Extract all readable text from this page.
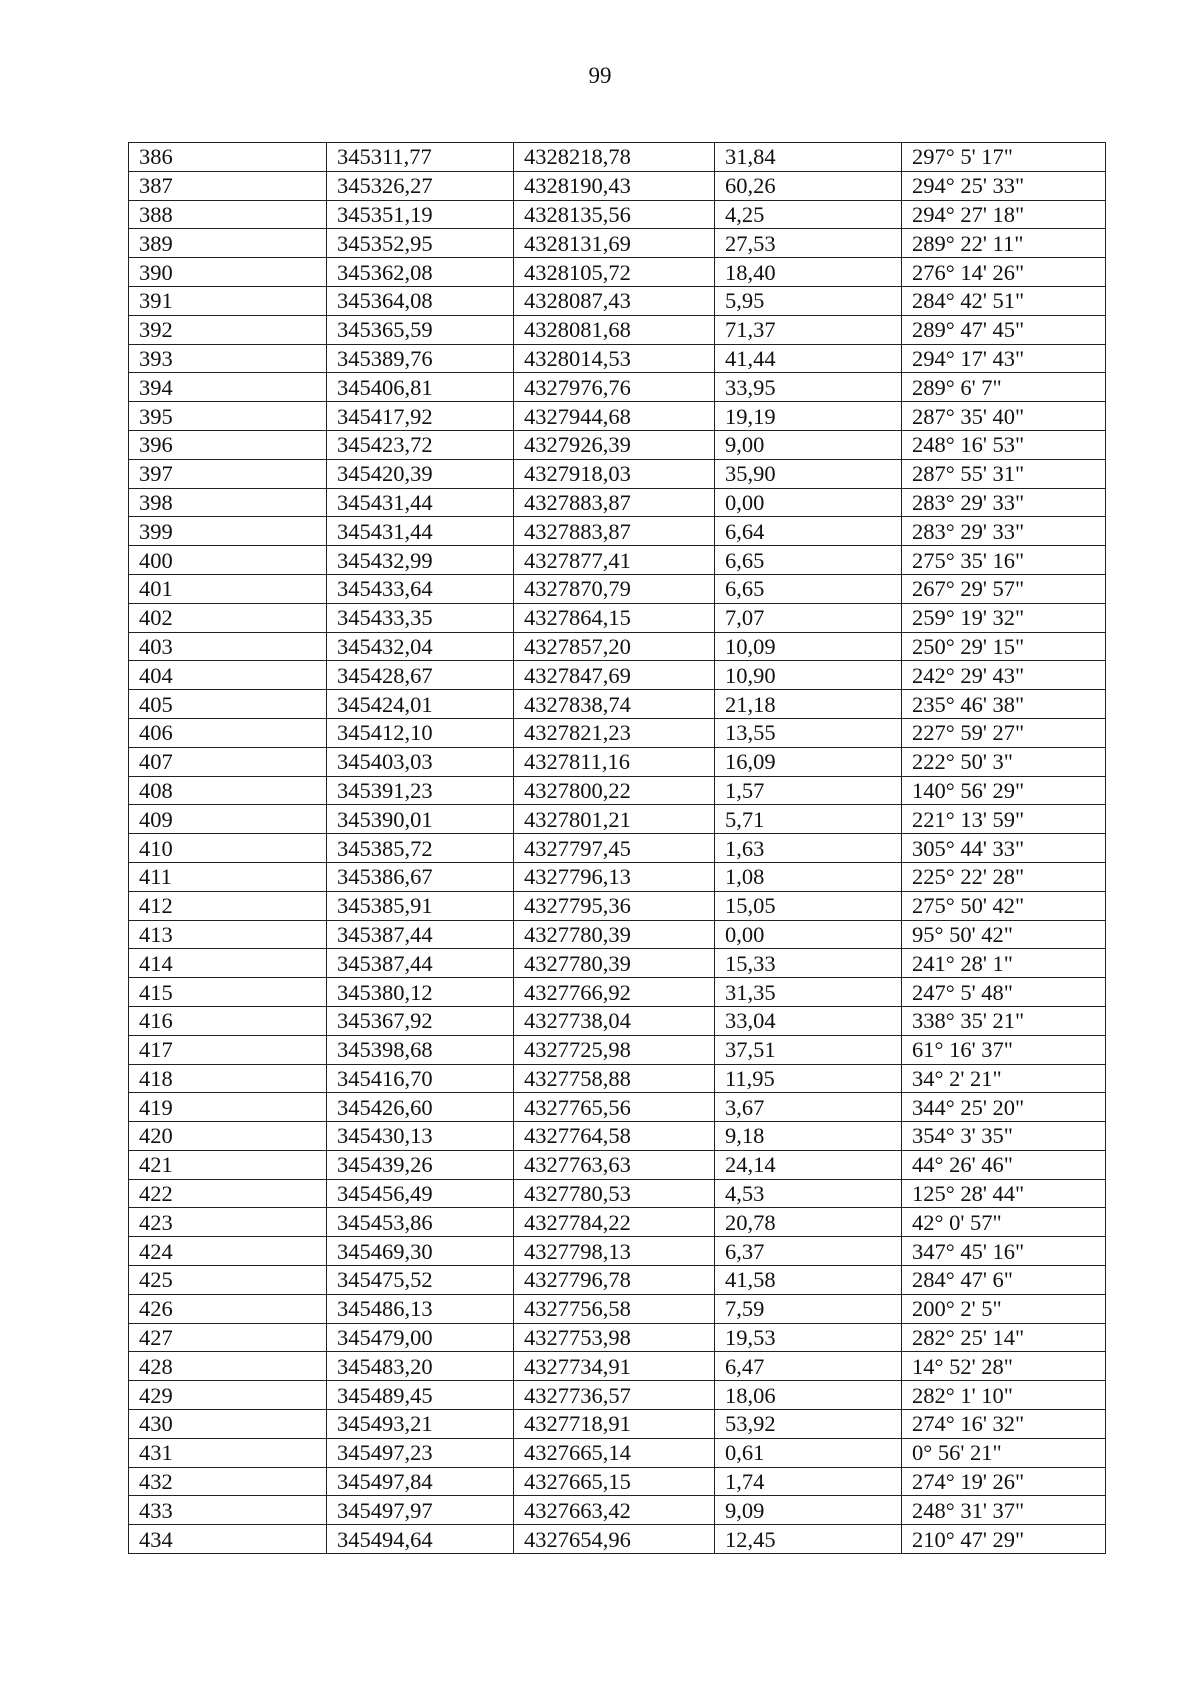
99
386	345311,77	4328218,78	31,84	297° 5' 17"
387	345326,27	4328190,43	60,26	294° 25' 33"
388	345351,19	4328135,56	4,25	294° 27' 18"
389	345352,95	4328131,69	27,53	289° 22' 11"
390	345362,08	4328105,72	18,40	276° 14' 26"
391	345364,08	4328087,43	5,95	284° 42' 51"
392	345365,59	4328081,68	71,37	289° 47' 45"
393	345389,76	4328014,53	41,44	294° 17' 43"
394	345406,81	4327976,76	33,95	289° 6' 7"
395	345417,92	4327944,68	19,19	287° 35' 40"
396	345423,72	4327926,39	9,00	248° 16' 53"
397	345420,39	4327918,03	35,90	287° 55' 31"
398	345431,44	4327883,87	0,00	283° 29' 33"
399	345431,44	4327883,87	6,64	283° 29' 33"
400	345432,99	4327877,41	6,65	275° 35' 16"
401	345433,64	4327870,79	6,65	267° 29' 57"
402	345433,35	4327864,15	7,07	259° 19' 32"
403	345432,04	4327857,20	10,09	250° 29' 15"
404	345428,67	4327847,69	10,90	242° 29' 43"
405	345424,01	4327838,74	21,18	235° 46' 38"
406	345412,10	4327821,23	13,55	227° 59' 27"
407	345403,03	4327811,16	16,09	222° 50' 3"
408	345391,23	4327800,22	1,57	140° 56' 29"
409	345390,01	4327801,21	5,71	221° 13' 59"
410	345385,72	4327797,45	1,63	305° 44' 33"
411	345386,67	4327796,13	1,08	225° 22' 28"
412	345385,91	4327795,36	15,05	275° 50' 42"
413	345387,44	4327780,39	0,00	95° 50' 42"
414	345387,44	4327780,39	15,33	241° 28' 1"
415	345380,12	4327766,92	31,35	247° 5' 48"
416	345367,92	4327738,04	33,04	338° 35' 21"
417	345398,68	4327725,98	37,51	61° 16' 37"
418	345416,70	4327758,88	11,95	34° 2' 21"
419	345426,60	4327765,56	3,67	344° 25' 20"
420	345430,13	4327764,58	9,18	354° 3' 35"
421	345439,26	4327763,63	24,14	44° 26' 46"
422	345456,49	4327780,53	4,53	125° 28' 44"
423	345453,86	4327784,22	20,78	42° 0' 57"
424	345469,30	4327798,13	6,37	347° 45' 16"
425	345475,52	4327796,78	41,58	284° 47' 6"
426	345486,13	4327756,58	7,59	200° 2' 5"
427	345479,00	4327753,98	19,53	282° 25' 14"
428	345483,20	4327734,91	6,47	14° 52' 28"
429	345489,45	4327736,57	18,06	282° 1' 10"
430	345493,21	4327718,91	53,92	274° 16' 32"
431	345497,23	4327665,14	0,61	0° 56' 21"
432	345497,84	4327665,15	1,74	274° 19' 26"
433	345497,97	4327663,42	9,09	248° 31' 37"
434	345494,64	4327654,96	12,45	210° 47' 29"
